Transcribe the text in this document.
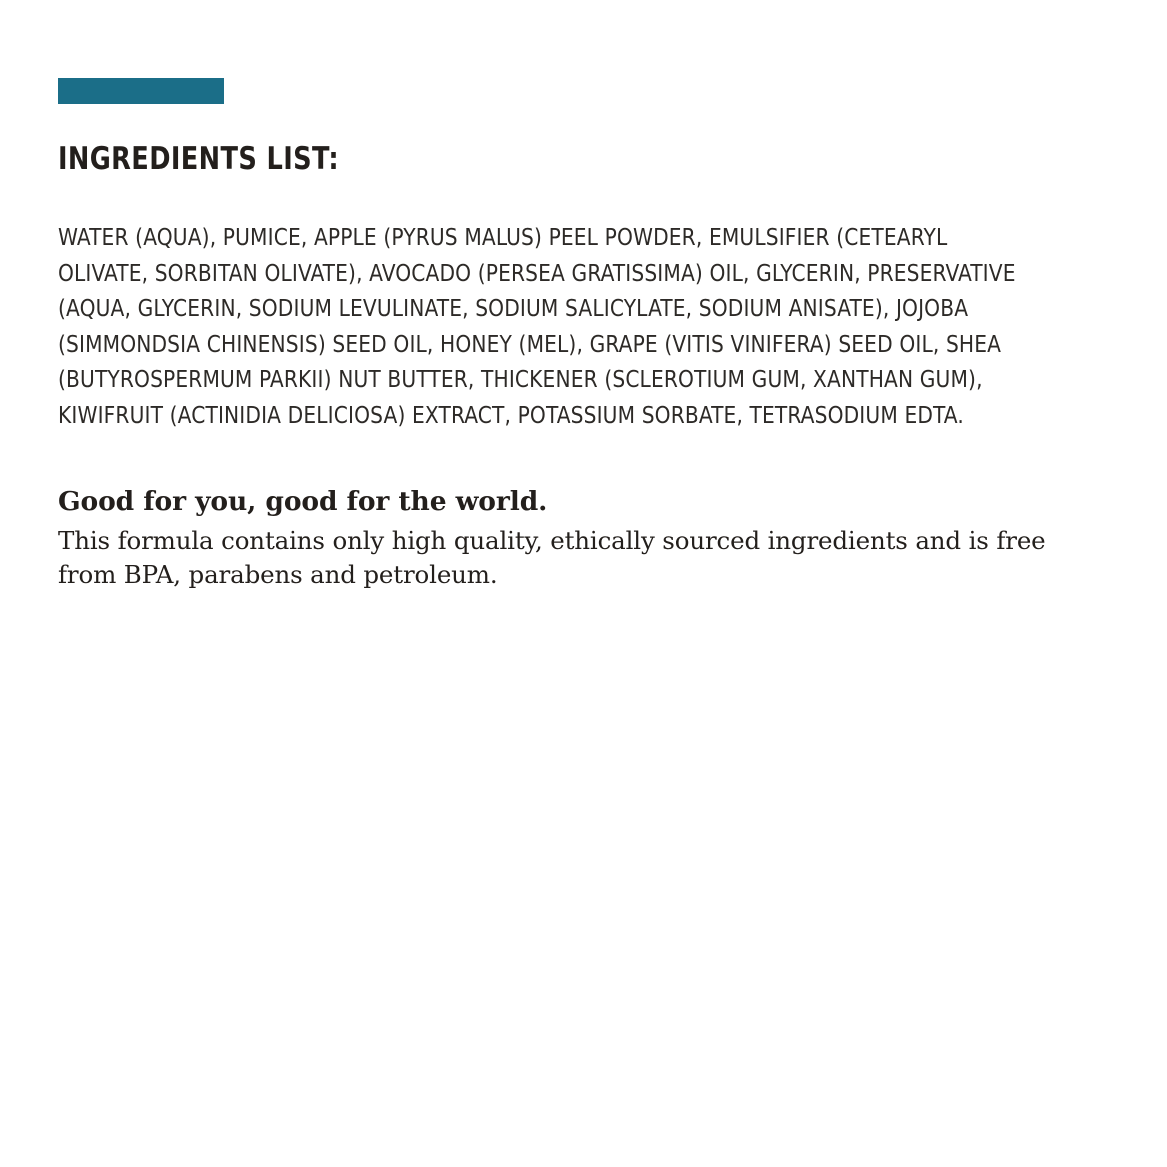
INGREDIENTS LIST:

WATER (AQUA), PUMICE, APPLE (PYRUS MALUS) PEEL POWDER, EMULSIFIER (CETEARYL OLIVATE, SORBITAN OLIVATE), AVOCADO (PERSEA GRATISSIMA) OIL, GLYCERIN, PRESERVATIVE (AQUA, GLYCERIN, SODIUM LEVULINATE, SODIUM SALICYLATE, SODIUM ANISATE), JOJOBA (SIMMONDSIA CHINENSIS) SEED OIL, HONEY (MEL), GRAPE (VITIS VINIFERA) SEED OIL, SHEA (BUTYROSPERMUM PARKII) NUT BUTTER, THICKENER (SCLEROTIUM GUM, XANTHAN GUM), KIWIFRUIT (ACTINIDIA DELICIOSA) EXTRACT, POTASSIUM SORBATE, TETRASODIUM EDTA.

Good for you, good for the world.

This formula contains only high quality, ethically sourced ingredients and is free from BPA, parabens and petroleum.
